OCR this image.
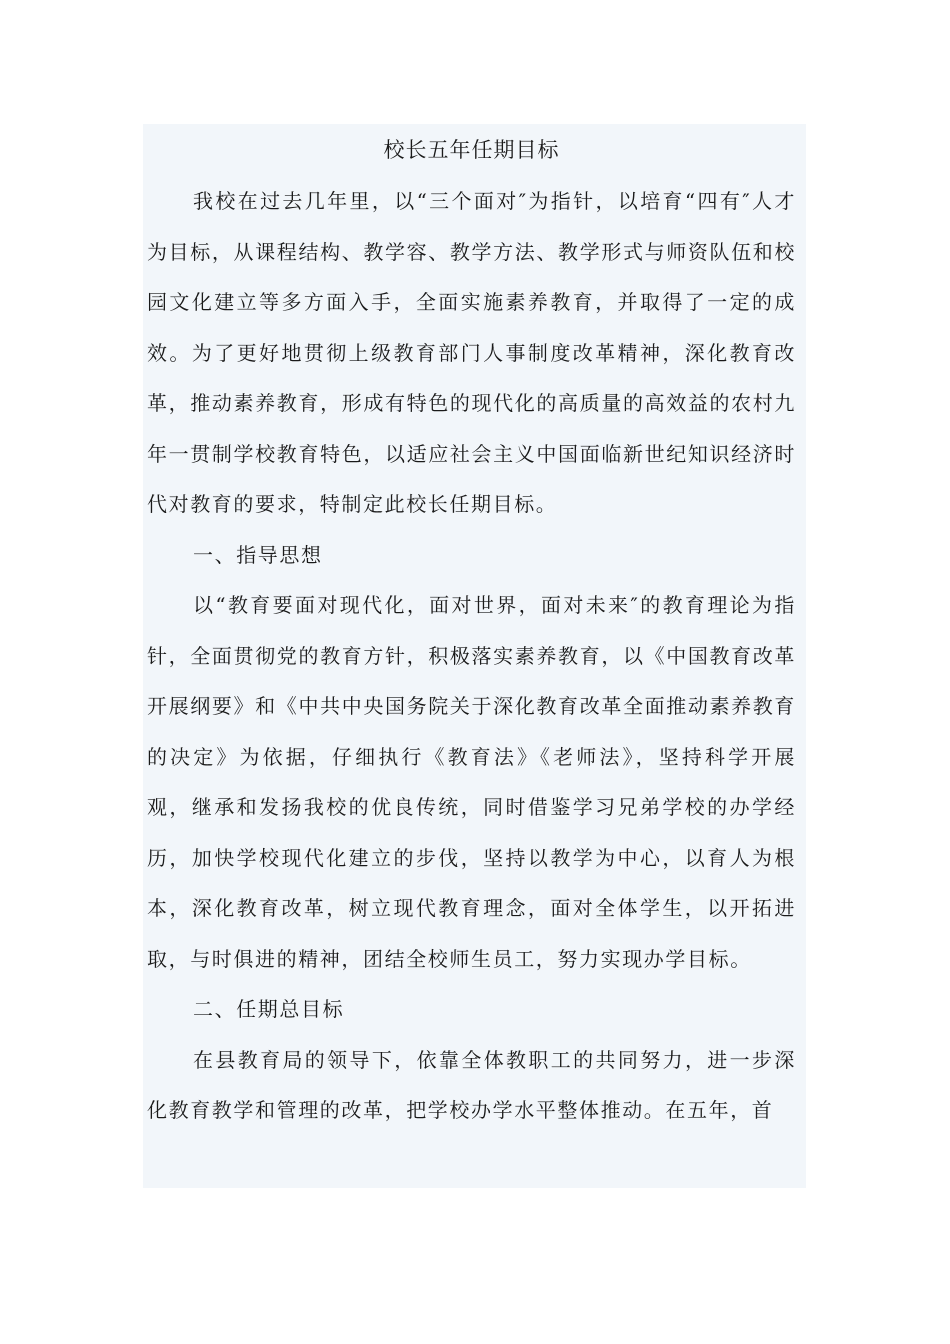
校长五年任期目标

我校在过去几年里，以“三个面对″为指针，以培育“四有″人才为目标，从课程结构、教学容、教学方法、教学形式与师资队伍和校园文化建立等多方面入手，全面实施素养教育，并取得了一定的成效。为了更好地贯彻上级教育部门人事制度改革精神，深化教育改革，推动素养教育，形成有特色的现代化的高质量的高效益的农村九年一贯制学校教育特色，以适应社会主义中国面临新世纪知识经济时代对教育的要求，特制定此校长任期目标。

一、指导思想

以“教育要面对现代化，面对世界，面对未来″的教育理论为指针，全面贯彻党的教育方针，积极落实素养教育，以《中国教育改革开展纲要》和《中共中央国务院关于深化教育改革全面推动素养教育的决定》为依据，仔细执行《教育法》《老师法》，坚持科学开展观，继承和发扬我校的优良传统，同时借鉴学习兄弟学校的办学经历，加快学校现代化建立的步伐，坚持以教学为中心，以育人为根本，深化教育改革，树立现代教育理念，面对全体学生，以开拓进取，与时俱进的精神，团结全校师生员工，努力实现办学目标。

二、任期总目标

在县教育局的领导下，依靠全体教职工的共同努力，进一步深化教育教学和管理的改革，把学校办学水平整体推动。在五年，首
